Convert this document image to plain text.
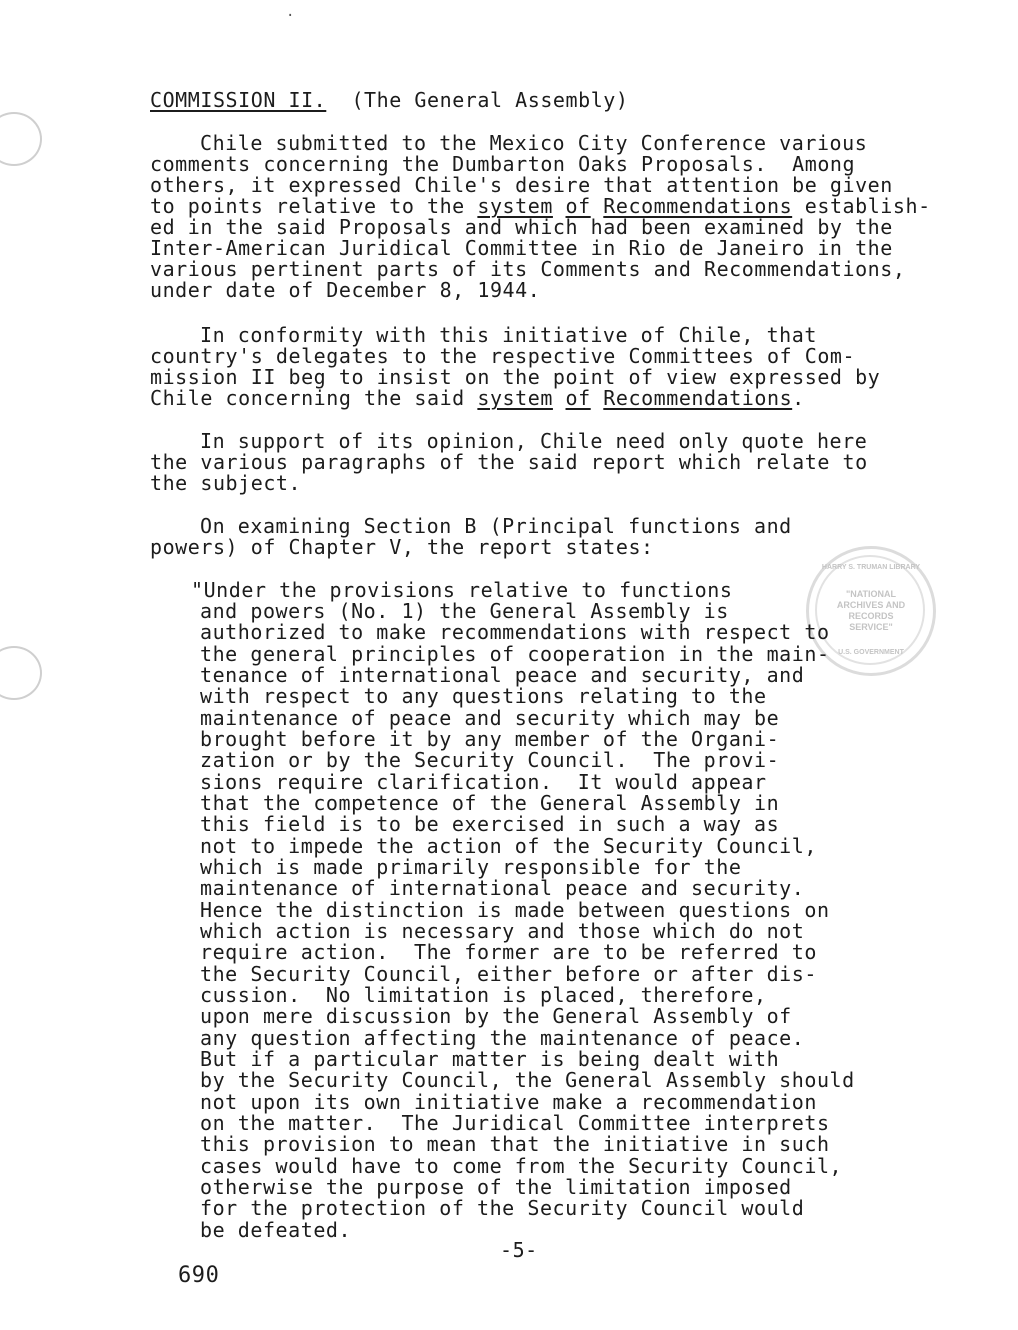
·
COMMISSION II. (The General Assembly)
Chile submitted to the Mexico City Conference various
comments concerning the Dumbarton Oaks Proposals.  Among
others, it expressed Chile's desire that attention be given
to points relative to the system of Recommendations establish-
ed in the said Proposals and which had been examined by the
Inter-American Juridical Committee in Rio de Janeiro in the
various pertinent parts of its Comments and Recommendations,
under date of December 8, 1944.
In conformity with this initiative of Chile, that
country's delegates to the respective Committees of Com-
mission II beg to insist on the point of view expressed by
Chile concerning the said system of Recommendations.
In support of its opinion, Chile need only quote here
the various paragraphs of the said report which relate to
the subject.
On examining Section B (Principal functions and
powers) of Chapter V, the report states:
HARRY S. TRUMAN LIBRARY
"NATIONAL
ARCHIVES AND
RECORDS
SERVICE"
U.S. GOVERNMENT
"Under the provisions relative to functions
and powers (No. 1) the General Assembly is
authorized to make recommendations with respect to
the general principles of cooperation in the main-
tenance of international peace and security, and
with respect to any questions relating to the
maintenance of peace and security which may be
brought before it by any member of the Organi-
zation or by the Security Council.  The provi-
sions require clarification.  It would appear
that the competence of the General Assembly in
this field is to be exercised in such a way as
not to impede the action of the Security Council,
which is made primarily responsible for the
maintenance of international peace and security.
Hence the distinction is made between questions on
which action is necessary and those which do not
require action.  The former are to be referred to
the Security Council, either before or after dis-
cussion.  No limitation is placed, therefore,
upon mere discussion by the General Assembly of
any question affecting the maintenance of peace.
But if a particular matter is being dealt with
by the Security Council, the General Assembly should
not upon its own initiative make a recommendation
on the matter.  The Juridical Committee interprets
this provision to mean that the initiative in such
cases would have to come from the Security Council,
otherwise the purpose of the limitation imposed
for the protection of the Security Council would
be defeated.
-5-
690
